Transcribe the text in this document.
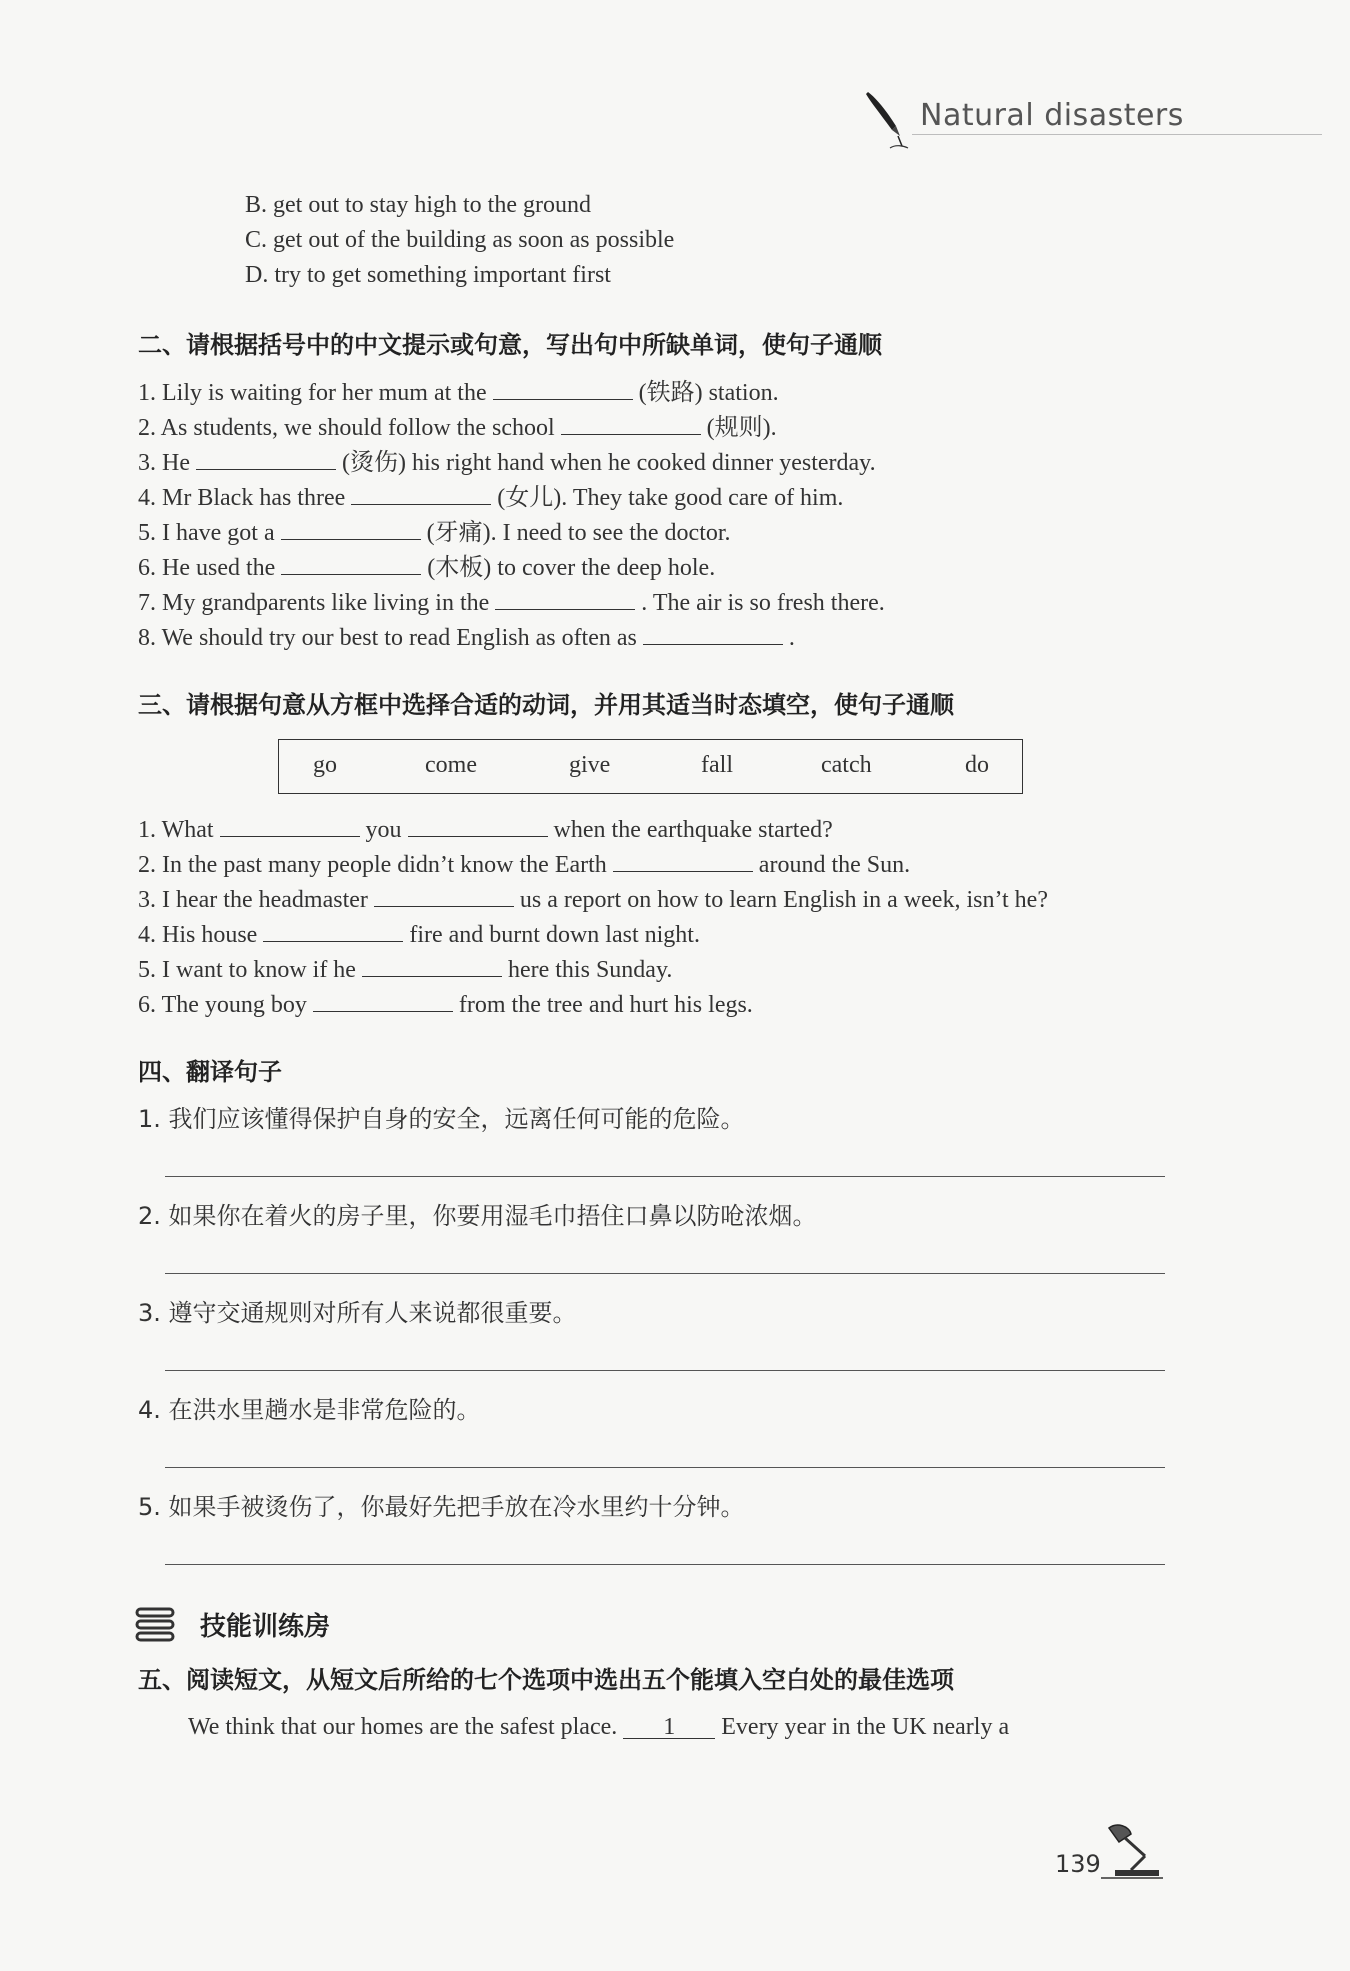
Natural disasters
B. get out to stay high to the ground
C. get out of the building as soon as possible
D. try to get something important first
二、请根据括号中的中文提示或句意，写出句中所缺单词，使句子通顺
1. Lily is waiting for her mum at the	(铁路) station.
2. As students, we should follow the school	(规则).
3. He	(烫伤) his right hand when he cooked dinner yesterday.
4. Mr Black has three	(女儿). They take good care of him.
5. I have got a	(牙痛). I need to see the doctor.
6. He used the	(木板) to cover the deep hole.
7. My grandparents like living in the	. The air is so fresh there.
8. We should try our best to read English as often as	.
三、请根据句意从方框中选择合适的动词，并用其适当时态填空，使句子通顺
go	come	give	fall	catch	do
1. What	you	when the earthquake started?
2. In the past many people didn’t know the Earth	around the Sun.
3. I hear the headmaster	us a report on how to learn English in a week, isn’t he?
4. His house	fire and burnt down last night.
5. I want to know if he	here this Sunday.
6. The young boy	from the tree and hurt his legs.
四、翻译句子
1. 我们应该懂得保护自身的安全，远离任何可能的危险。
2. 如果你在着火的房子里，你要用湿毛巾捂住口鼻以防呛浓烟。
3. 遵守交通规则对所有人来说都很重要。
4. 在洪水里趟水是非常危险的。
5. 如果手被烫伤了，你最好先把手放在冷水里约十分钟。
技能训练房
五、阅读短文，从短文后所给的七个选项中选出五个能填入空白处的最佳选项
We think that our homes are the safest place. 1 Every year in the UK nearly a
139
